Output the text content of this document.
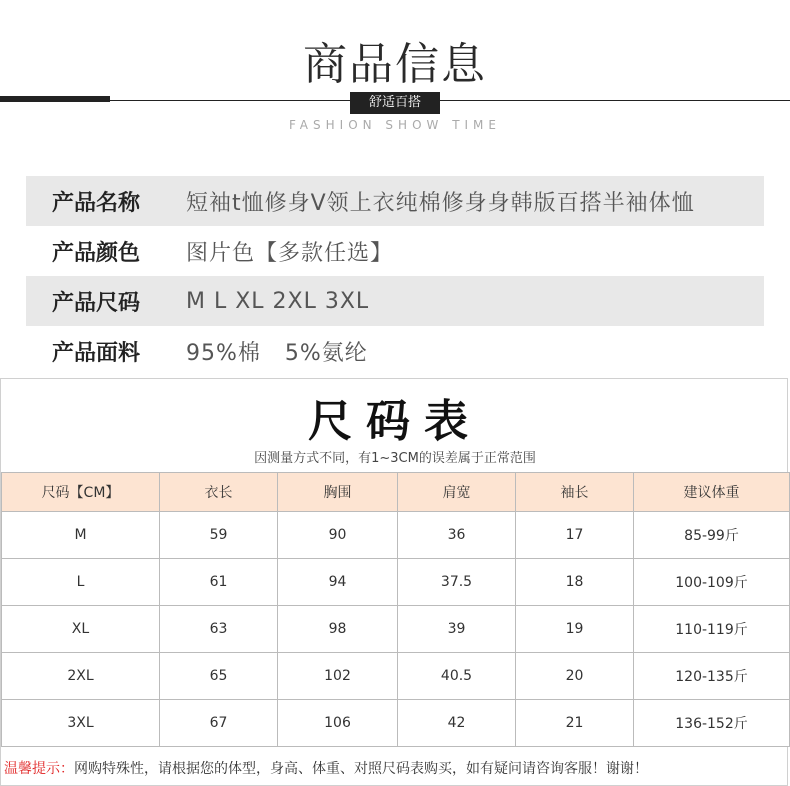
商品信息
舒适百搭
FASHION SHOW TIME
产品名称	短袖t恤修身V领上衣纯棉修身身韩版百搭半袖体恤
产品颜色	图片色【多款任选】
产品尺码	M L XL 2XL 3XL
产品面料	95%棉   5%氨纶
尺码表
因测量方式不同，有1~3CM的误差属于正常范围
尺码【CM】	衣长	胸围	肩宽	袖长	建议体重
M	59	90	36	17	85-99斤
L	61	94	37.5	18	100-109斤
XL	63	98	39	19	110-119斤
2XL	65	102	40.5	20	120-135斤
3XL	67	106	42	21	136-152斤
温馨提示：网购特殊性，请根据您的体型，身高、体重、对照尺码表购买，如有疑问请咨询客服！谢谢！
